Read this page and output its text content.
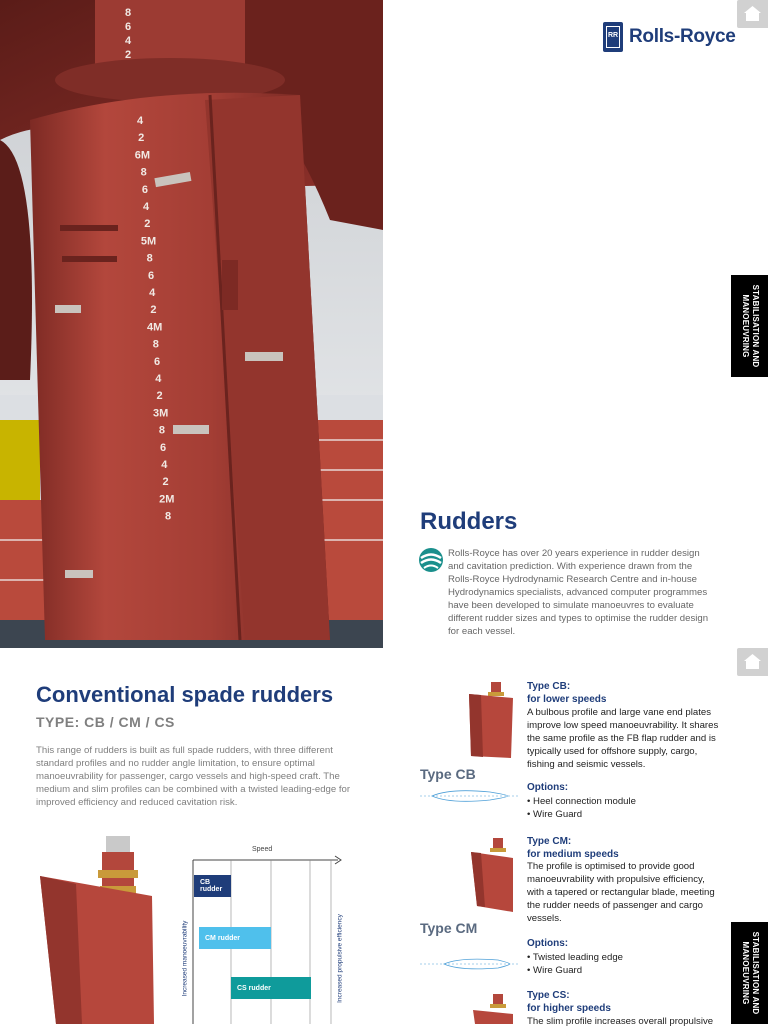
8
6
4
2
4
2
6M
8
6
4
2
5M
8
6
4
2
4M
8
6
4
2
3M
8
6
4
2
2M
8
RR Rolls-Royce
STABILISATION AND MANOEUVRING
Rudders
Rolls-Royce has over 20 years experience in rudder design and cavitation prediction. With experience drawn from the Rolls-Royce Hydrodynamic Research Centre and in-house Hydrodynamics specialists, advanced computer programmes have been developed to simulate manoeuvres to evaluate different rudder sizes and types to optimise the rudder design for each vessel.
Conventional spade rudders
TYPE: CB / CM / CS
This range of rudders is built as full spade rudders, with three different standard profiles and no rudder angle limitation, to ensure optimal manoeuvrability for passenger, cargo vessels and high-speed craft. The medium and slim profiles can be combined with a twisted leading-edge for improved efficiency and reduced cavitation risk.
Speed
Increased manoeuvrability	Increased propulsive efficiency
CB rudder
CM rudder
CS rudder
Type CB
Type CB:
for lower speeds
A bulbous profile and large vane end plates improve low speed manoeuvrability. It shares the same profile as the FB flap rudder and is typically used for offshore supply, cargo, fishing and seismic vessels.
Options:
• Heel connection module
• Wire Guard
Type CM
Type CM:
for medium speeds
The profile is optimised to provide good manoeuvrability with propulsive efficiency, with a tapered or rectangular blade, meeting the rudder needs of passenger and cargo vessels.
Options:
• Twisted leading edge
• Wire Guard
Type CS:
for higher speeds
The slim profile increases overall propulsive
STABILISATION AND MANOEUVRING
